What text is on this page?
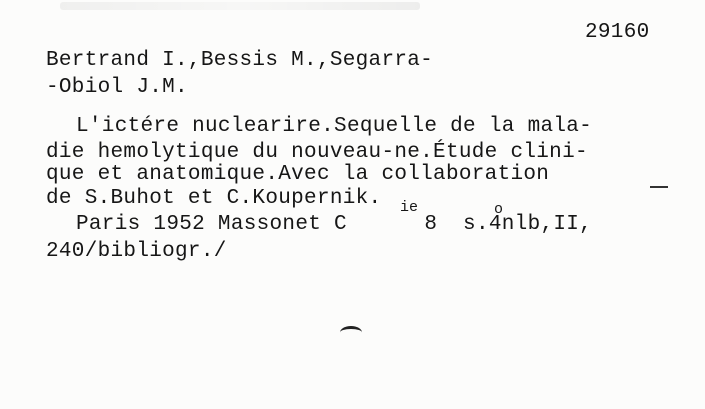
29160
Bertrand I.,Bessis M.,Segarra-
-Obiol J.M.
L'ictére nuclearire.Sequelle de la mala-
die hemolytique du nouveau-ne.Étude clini-
que et anatomique.Avec la collaboration
de S.Buhot et C.Koupernik.
Paris 1952 Massonet C      8  s.4nlb,II,
ie	o
240/bibliogr./
